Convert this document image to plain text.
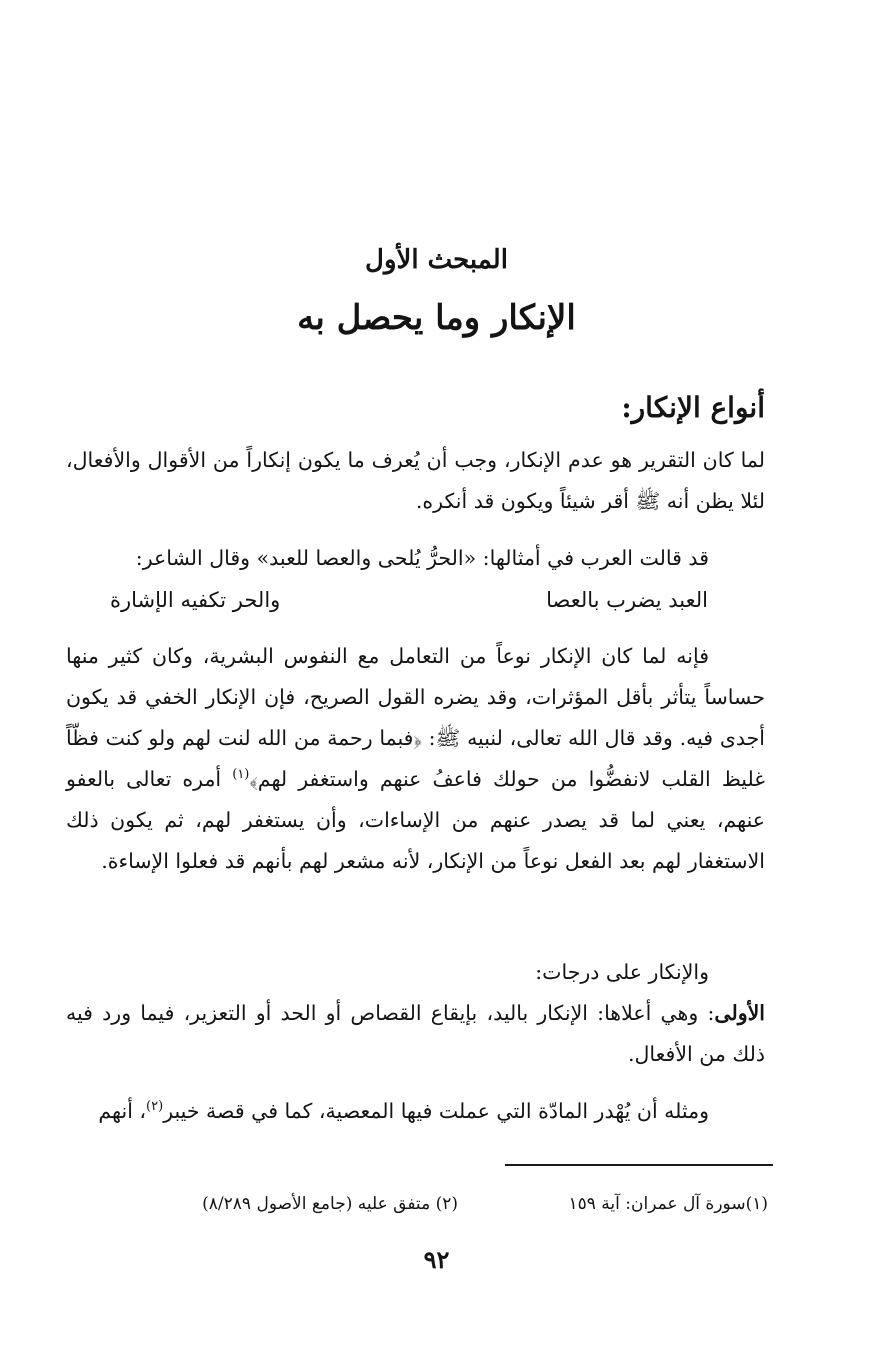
المبحث الأول
الإنكار وما يحصل به
أنواع الإنكار:
لما كان التقرير هو عدم الإنكار، وجب أن يُعرف ما يكون إنكاراً من الأقوال والأفعال، لئلا يظن أنه ﷺ أقر شيئاً ويكون قد أنكره.
قد قالت العرب في أمثالها: «الحرُّ يُلحى والعصا للعبد» وقال الشاعر:
العبد يضرب بالعصا
والحر تكفيه الإشارة
فإنه لما كان الإنكار نوعاً من التعامل مع النفوس البشرية، وكان كثير منها حساساً يتأثر بأقل المؤثرات، وقد يضره القول الصريح، فإن الإنكار الخفي قد يكون أجدى فيه. وقد قال الله تعالى، لنبيه ﷺ: ﴿فبما رحمة من الله لنت لهم ولو كنت فظّاً غليظ القلب لانفضُّوا من حولك فاعفُ عنهم واستغفر لهم﴾$^{(١)}$ أمره تعالى بالعفو عنهم، يعني لما قد يصدر عنهم من الإساءات، وأن يستغفر لهم، ثم يكون ذلك الاستغفار لهم بعد الفعل نوعاً من الإنكار، لأنه مشعر لهم بأنهم قد فعلوا الإساءة.
والإنكار على درجات:
الأولى: وهي أعلاها: الإنكار باليد، بإيقاع القصاص أو الحد أو التعزير، فيما ورد فيه ذلك من الأفعال.
ومثله أن يُهْدر المادّة التي عملت فيها المعصية، كما في قصة خيبر$^{(٢)}$، أنهم
(١)سورة آل عمران: آية ١٥٩
(٢) متفق عليه (جامع الأصول ٨/٢٨٩)
٩٢
